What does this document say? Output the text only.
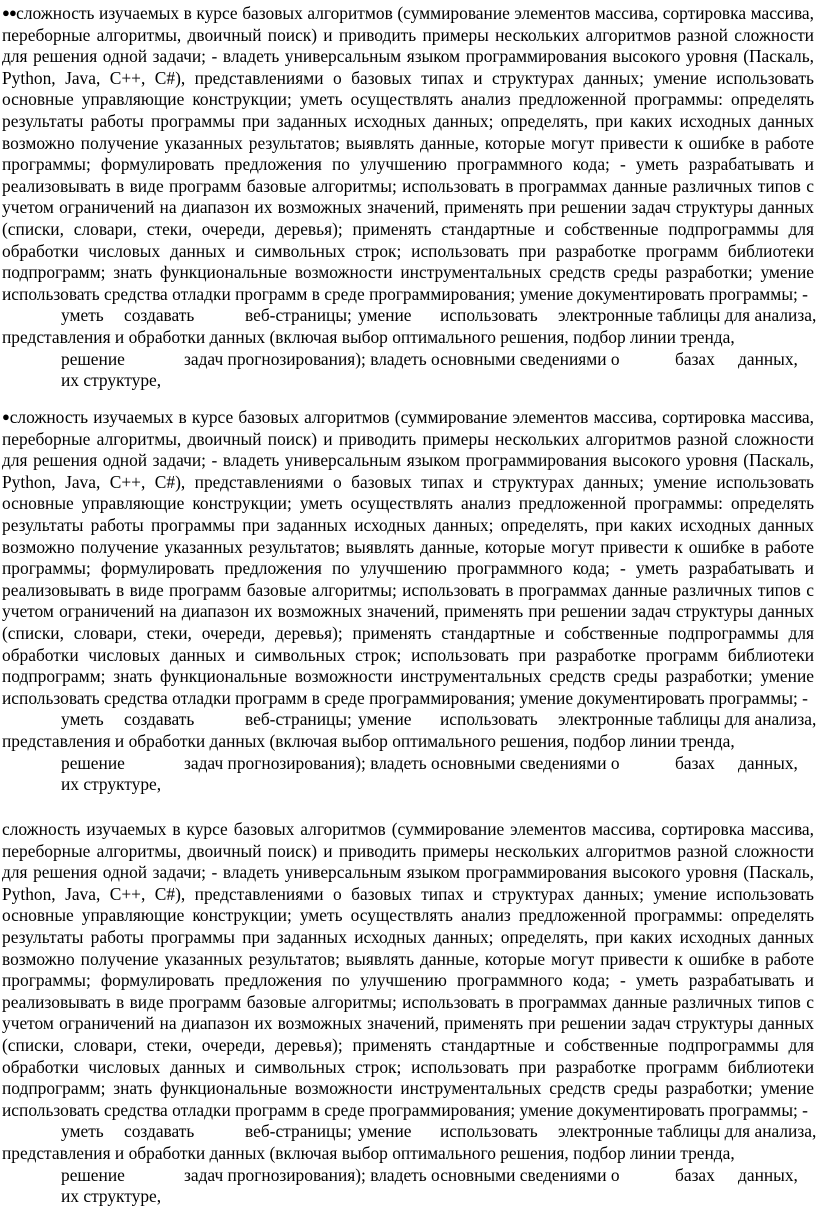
●●сложность изучаемых в курсе базовых алгоритмов (суммирование элементов массива, сортировка массива, переборные алгоритмы, двоичный поиск) и приводить примеры нескольких алгоритмов разной сложности для решения одной задачи; - владеть универсальным языком программирования высокого уровня (Паскаль, Python, Java, C++, C#), представлениями о базовых типах и структурах данных; умение использовать основные управляющие конструкции; уметь осуществлять анализ предложенной программы: определять результаты работы программы при заданных исходных данных; определять, при каких исходных данных возможно получение указанных результатов; выявлять данные, которые могут привести к ошибке в работе программы; формулировать предложения по улучшению программного кода; - уметь разрабатывать и реализовывать в виде программ базовые алгоритмы; использовать в программах данные различных типов с учетом ограничений на диапазон их возможных значений, применять при решении задач структуры данных (списки, словари, стеки, очереди, деревья); применять стандартные и собственные подпрограммы для обработки числовых данных и символьных строк; использовать при разработке программ библиотеки подпрограмм; знать функциональные возможности инструментальных средств среды разработки; умение использовать средства отладки программ в среде программирования; умение документировать программы; -

уметь создавать	веб-страницы; умение использовать электронные таблицы для анализа,

представления и обработки данных (включая выбор оптимального решения, подбор линии тренда,

решение	задач прогнозирования); владеть основными сведениями о	базах данных,

их структуре,

●сложность изучаемых в курсе базовых алгоритмов (суммирование элементов массива, сортировка массива, переборные алгоритмы, двоичный поиск) и приводить примеры нескольких алгоритмов разной сложности для решения одной задачи; - владеть универсальным языком программирования высокого уровня (Паскаль, Python, Java, C++, C#), представлениями о базовых типах и структурах данных; умение использовать основные управляющие конструкции; уметь осуществлять анализ предложенной программы: определять результаты работы программы при заданных исходных данных; определять, при каких исходных данных возможно получение указанных результатов; выявлять данные, которые могут привести к ошибке в работе программы; формулировать предложения по улучшению программного кода; - уметь разрабатывать и реализовывать в виде программ базовые алгоритмы; использовать в программах данные различных типов с учетом ограничений на диапазон их возможных значений, применять при решении задач структуры данных (списки, словари, стеки, очереди, деревья); применять стандартные и собственные подпрограммы для обработки числовых данных и символьных строк; использовать при разработке программ библиотеки подпрограмм; знать функциональные возможности инструментальных средств среды разработки; умение использовать средства отладки программ в среде программирования; умение документировать программы; -

уметь создавать	веб-страницы; умение использовать электронные таблицы для анализа,

представления и обработки данных (включая выбор оптимального решения, подбор линии тренда,

решение	задач прогнозирования); владеть основными сведениями о	базах данных,

их структуре,

сложность изучаемых в курсе базовых алгоритмов (суммирование элементов массива, сортировка массива, переборные алгоритмы, двоичный поиск) и приводить примеры нескольких алгоритмов разной сложности для решения одной задачи; - владеть универсальным языком программирования высокого уровня (Паскаль, Python, Java, C++, C#), представлениями о базовых типах и структурах данных; умение использовать основные управляющие конструкции; уметь осуществлять анализ предложенной программы: определять результаты работы программы при заданных исходных данных; определять, при каких исходных данных возможно получение указанных результатов; выявлять данные, которые могут привести к ошибке в работе программы; формулировать предложения по улучшению программного кода; - уметь разрабатывать и реализовывать в виде программ базовые алгоритмы; использовать в программах данные различных типов с учетом ограничений на диапазон их возможных значений, применять при решении задач структуры данных (списки, словари, стеки, очереди, деревья); применять стандартные и собственные подпрограммы для обработки числовых данных и символьных строк; использовать при разработке программ библиотеки подпрограмм; знать функциональные возможности инструментальных средств среды разработки; умение использовать средства отладки программ в среде программирования; умение документировать программы; -

уметь создавать	веб-страницы; умение использовать электронные таблицы для анализа,

представления и обработки данных (включая выбор оптимального решения, подбор линии тренда,

решение	задач прогнозирования); владеть основными сведениями о	базах данных,

их структуре,
